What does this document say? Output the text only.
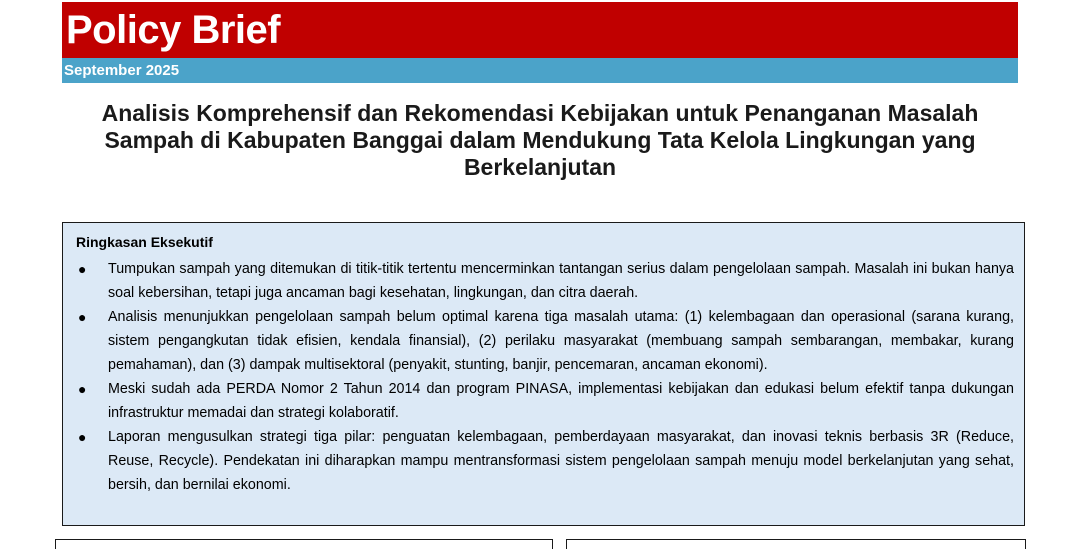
Policy Brief
September 2025
Analisis Komprehensif dan Rekomendasi Kebijakan untuk Penanganan Masalah Sampah di Kabupaten Banggai dalam Mendukung Tata Kelola Lingkungan yang Berkelanjutan
Ringkasan Eksekutif
● Tumpukan sampah yang ditemukan di titik-titik tertentu mencerminkan tantangan serius dalam pengelolaan sampah. Masalah ini bukan hanya soal kebersihan, tetapi juga ancaman bagi kesehatan, lingkungan, dan citra daerah.
● Analisis menunjukkan pengelolaan sampah belum optimal karena tiga masalah utama: (1) kelembagaan dan operasional (sarana kurang, sistem pengangkutan tidak efisien, kendala finansial), (2) perilaku masyarakat (membuang sampah sembarangan, membakar, kurang pemahaman), dan (3) dampak multisektoral (penyakit, stunting, banjir, pencemaran, ancaman ekonomi).
● Meski sudah ada PERDA Nomor 2 Tahun 2014 dan program PINASA, implementasi kebijakan dan edukasi belum efektif tanpa dukungan infrastruktur memadai dan strategi kolaboratif.
● Laporan mengusulkan strategi tiga pilar: penguatan kelembagaan, pemberdayaan masyarakat, dan inovasi teknis berbasis 3R (Reduce, Reuse, Recycle). Pendekatan ini diharapkan mampu mentransformasi sistem pengelolaan sampah menuju model berkelanjutan yang sehat, bersih, dan bernilai ekonomi.
